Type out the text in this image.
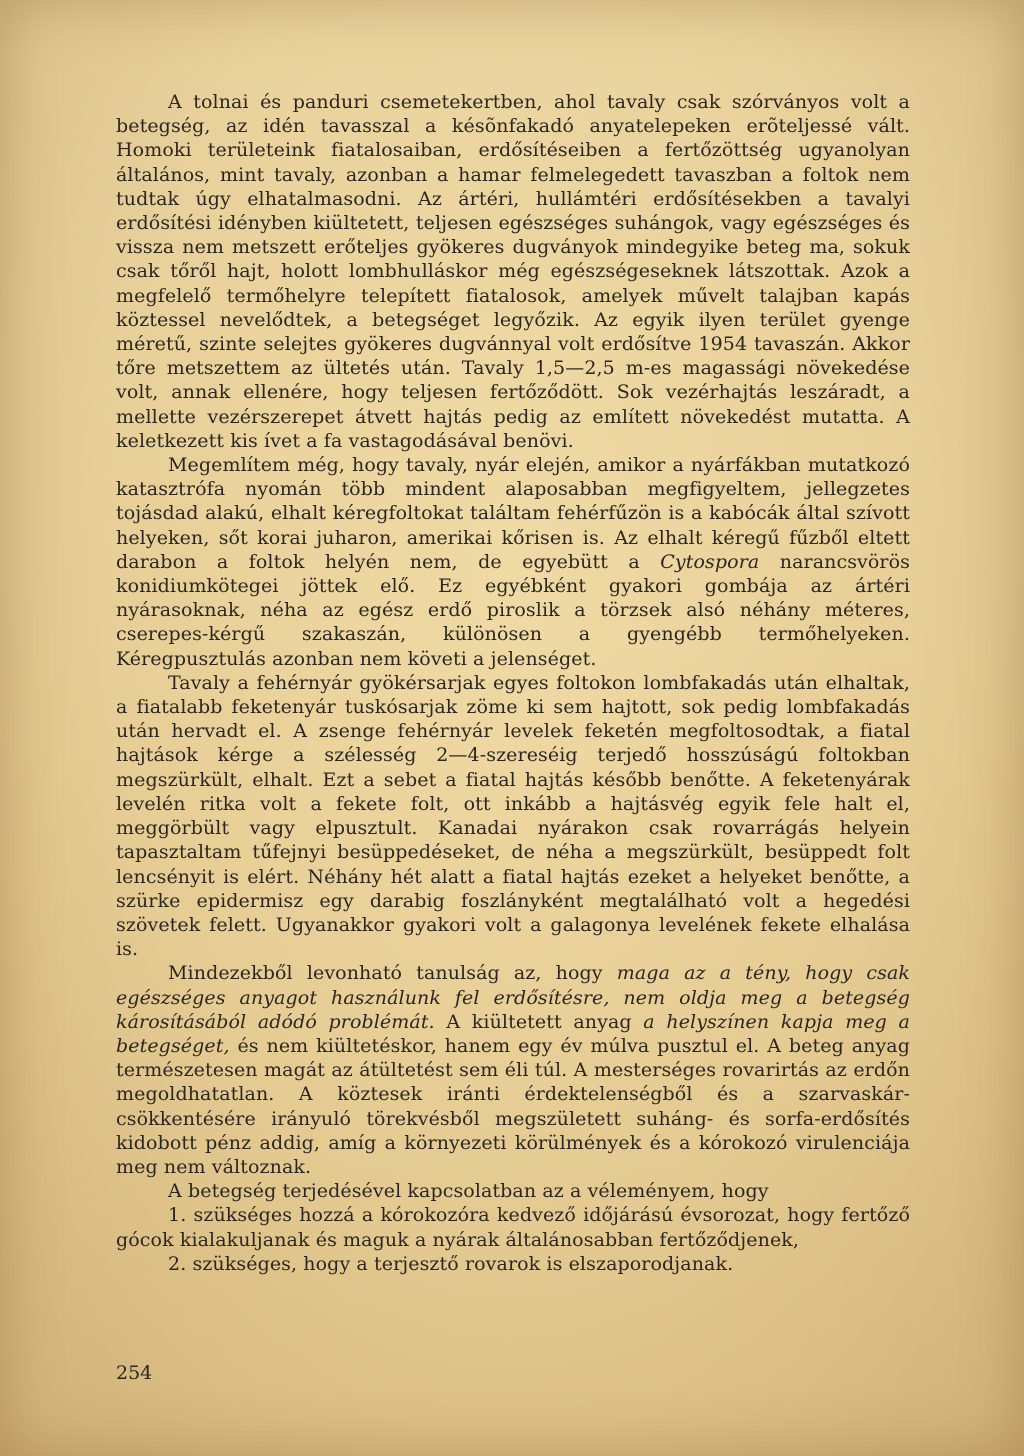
A tolnai és panduri csemetekertben, ahol tavaly csak szórványos volt a betegség, az idén tavasszal a késõnfakadó anyatelepeken erõteljessé vált. Homoki területeink fiatalosaiban, erdősítéseiben a fertőzöttség ugyanolyan általános, mint tavaly, azonban a hamar felmelegedett tavaszban a foltok nem tudtak úgy elhatalmasodni. Az ártéri, hullámtéri erdősítésekben a tavalyi erdősítési idényben kiültetett, teljesen egészséges suhángok, vagy egészséges és vissza nem metszett erőteljes gyökeres dugványok mindegyike beteg ma, sokuk csak tőről hajt, holott lombhulláskor még egészségeseknek látszottak. Azok a megfelelő termőhelyre telepített fiatalosok, amelyek művelt talajban kapás köztessel nevelődtek, a betegséget legyőzik. Az egyik ilyen terület gyenge méretű, szinte selejtes gyökeres dugvánnyal volt erdősítve 1954 tavaszán. Akkor tőre metszettem az ültetés után. Tavaly 1,5—2,5 m-es magassági növekedése volt, annak ellenére, hogy teljesen fertőződött. Sok vezérhajtás leszáradt, a mellette vezérszerepet átvett hajtás pedig az említett növekedést mutatta. A keletkezett kis ívet a fa vastagodásával benövi.

Megemlítem még, hogy tavaly, nyár elején, amikor a nyárfákban mutatkozó katasztrófa nyomán több mindent alaposabban megfigyeltem, jellegzetes tojásdad alakú, elhalt kéregfoltokat találtam fehérfűzön is a kabócák által szívott helyeken, sőt korai juharon, amerikai kőrisen is. Az elhalt kéregű fűzből eltett darabon a foltok helyén nem, de egyebütt a Cytospora narancsvörös konidiumkötegei jöttek elő. Ez egyébként gyakori gombája az ártéri nyárasoknak, néha az egész erdő piroslik a törzsek alsó néhány méteres, cserepes-kérgű szakaszán, különösen a gyengébb termőhelyeken. Kéregpusztulás azonban nem követi a jelenséget.

Tavaly a fehérnyár gyökérsarjak egyes foltokon lombfakadás után elhaltak, a fiatalabb feketenyár tuskósarjak zöme ki sem hajtott, sok pedig lombfakadás után hervadt el. A zsenge fehérnyár levelek feketén megfoltosodtak, a fiatal hajtások kérge a szélesség 2—4-szereséig terjedő hosszúságú foltokban megszürkült, elhalt. Ezt a sebet a fiatal hajtás később benőtte. A feketenyárak levelén ritka volt a fekete folt, ott inkább a hajtásvég egyik fele halt el, meggörbült vagy elpusztult. Kanadai nyárakon csak rovarrágás helyein tapasztaltam tűfejnyi besüppedéseket, de néha a megszürkült, besüppedt folt lencsényit is elért. Néhány hét alatt a fiatal hajtás ezeket a helyeket benőtte, a szürke epidermisz egy darabig foszlányként megtalálható volt a hegedési szövetek felett. Ugyanakkor gyakori volt a galagonya levelének fekete elhalása is.

Mindezekből levonható tanulság az, hogy maga az a tény, hogy csak egészséges anyagot használunk fel erdősítésre, nem oldja meg a betegség károsításából adódó problémát. A kiültetett anyag a helyszínen kapja meg a betegséget, és nem kiültetéskor, hanem egy év múlva pusztul el. A beteg anyag természetesen magát az átültetést sem éli túl. A mesterséges rovarirtás az erdőn megoldhatatlan. A köztesek iránti érdektelenségből és a szarvaskár- csökkentésére irányuló törekvésből megszületett suháng- és sorfa-erdősítés kidobott pénz addig, amíg a környezeti körülmények és a kórokozó virulenciája meg nem változnak.

A betegség terjedésével kapcsolatban az a véleményem, hogy

1. szükséges hozzá a kórokozóra kedvező időjárású évsorozat, hogy fertőző gócok kialakuljanak és maguk a nyárak általánosabban fertőződjenek,

2. szükséges, hogy a terjesztő rovarok is elszaporodjanak.

254
